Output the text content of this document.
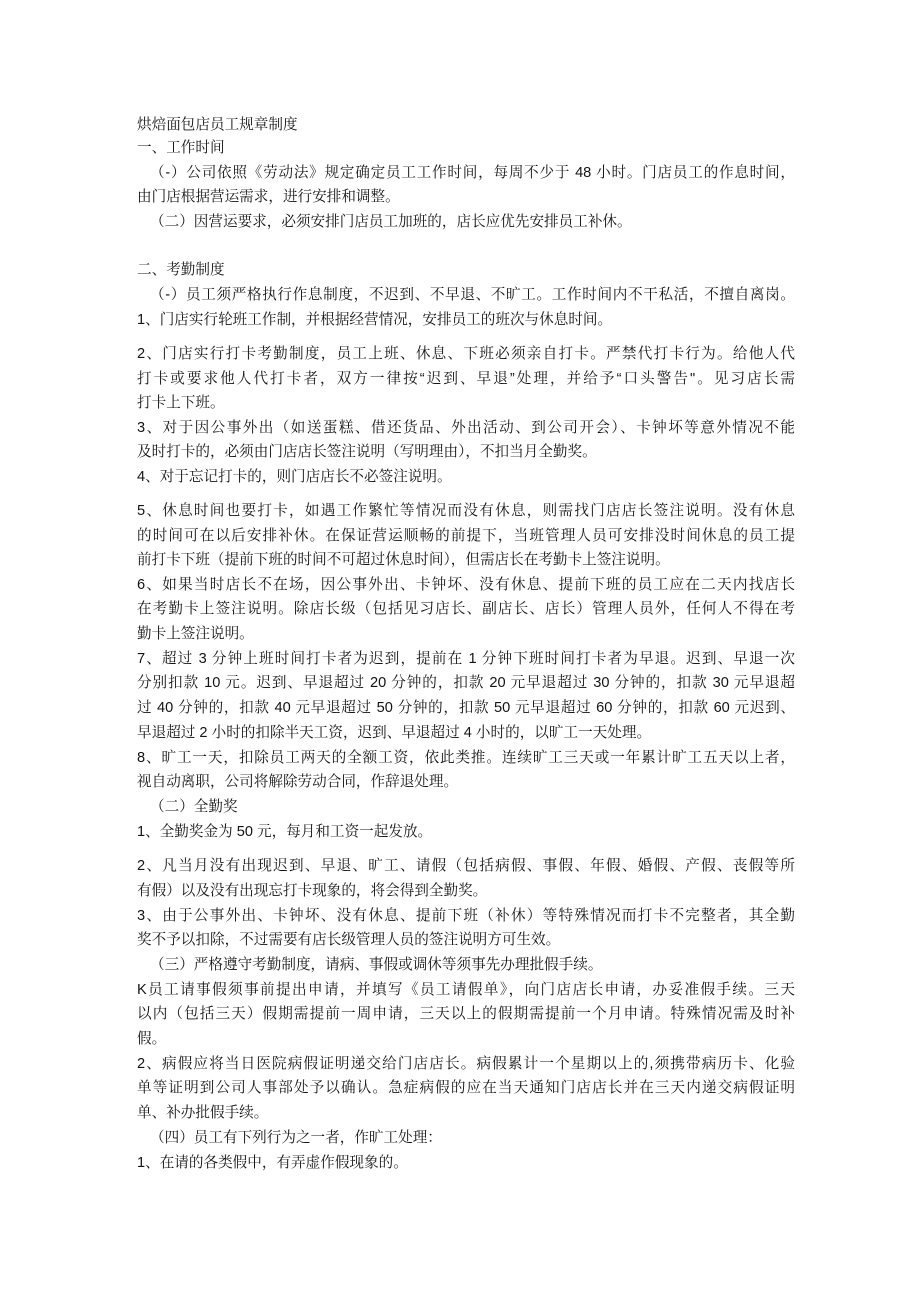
烘焙面包店员工规章制度
一、工作时间
（-）公司依照《劳动法》规定确定员工工作时间，每周不少于 48 小时。门店员工的作息时间，
由门店根据营运需求，进行安排和调整。
（二）因营运要求，必须安排门店员工加班的，店长应优先安排员工补休。
二、考勤制度
（-）员工须严格执行作息制度，不迟到、不早退、不旷工。工作时间内不干私活，不擅自离岗。
1、门店实行轮班工作制，并根据经营情况，安排员工的班次与休息时间。
2、门店实行打卡考勤制度，员工上班、休息、下班必须亲自打卡。严禁代打卡行为。给他人代
打卡或要求他人代打卡者，双方一律按“迟到、早退”处理，并给予“口头警告"。见习店长需
打卡上下班。
3、对于因公事外出（如送蛋糕、借还货品、外出活动、到公司开会）、卡钟坏等意外情况不能
及时打卡的，必须由门店店长签注说明（写明理由），不扣当月全勤奖。
4、对于忘记打卡的，则门店店长不必签注说明。
5、休息时间也要打卡，如遇工作繁忙等情况而没有休息，则需找门店店长签注说明。没有休息
的时间可在以后安排补休。在保证营运顺畅的前提下，当班管理人员可安排没时间休息的员工提
前打卡下班（提前下班的时间不可超过休息时间），但需店长在考勤卡上签注说明。
6、如果当时店长不在场，因公事外出、卡钟坏、没有休息、提前下班的员工应在二天内找店长
在考勤卡上签注说明。除店长级（包括见习店长、副店长、店长）管理人员外，任何人不得在考
勤卡上签注说明。
7、超过 3 分钟上班时间打卡者为迟到，提前在 1 分钟下班时间打卡者为早退。迟到、早退一次
分别扣款 10 元。迟到、早退超过 20 分钟的，扣款 20 元早退超过 30 分钟的，扣款 30 元早退超
过 40 分钟的，扣款 40 元早退超过 50 分钟的，扣款 50 元早退超过 60 分钟的，扣款 60 元迟到、
早退超过 2 小时的扣除半天工资，迟到、早退超过 4 小时的，以旷工一天处理。
8、旷工一天，扣除员工两天的全额工资，依此类推。连续旷工三天或一年累计旷工五天以上者，
视自动离职，公司将解除劳动合同，作辞退处理。
（二）全勤奖
1、全勤奖金为 50 元，每月和工资一起发放。
2、凡当月没有出现迟到、早退、旷工、请假（包括病假、事假、年假、婚假、产假、丧假等所
有假）以及没有出现忘打卡现象的，将会得到全勤奖。
3、由于公事外出、卡钟坏、没有休息、提前下班（补休）等特殊情况而打卡不完整者，其全勤
奖不予以扣除，不过需要有店长级管理人员的签注说明方可生效。
（三）严格遵守考勤制度，请病、事假或调休等须事先办理批假手续。
K员工请事假须事前提出申请，并填写《员工请假单》，向门店店长申请，办妥准假手续。三天
以内（包括三天）假期需提前一周申请，三天以上的假期需提前一个月申请。特殊情况需及时补
假。
2、病假应将当日医院病假证明递交给门店店长。病假累计一个星期以上的,须携带病历卡、化验
单等证明到公司人事部处予以确认。急症病假的应在当天通知门店店长并在三天内递交病假证明
单、补办批假手续。
（四）员工有下列行为之一者，作旷工处理：
1、在请的各类假中，有弄虚作假现象的。
